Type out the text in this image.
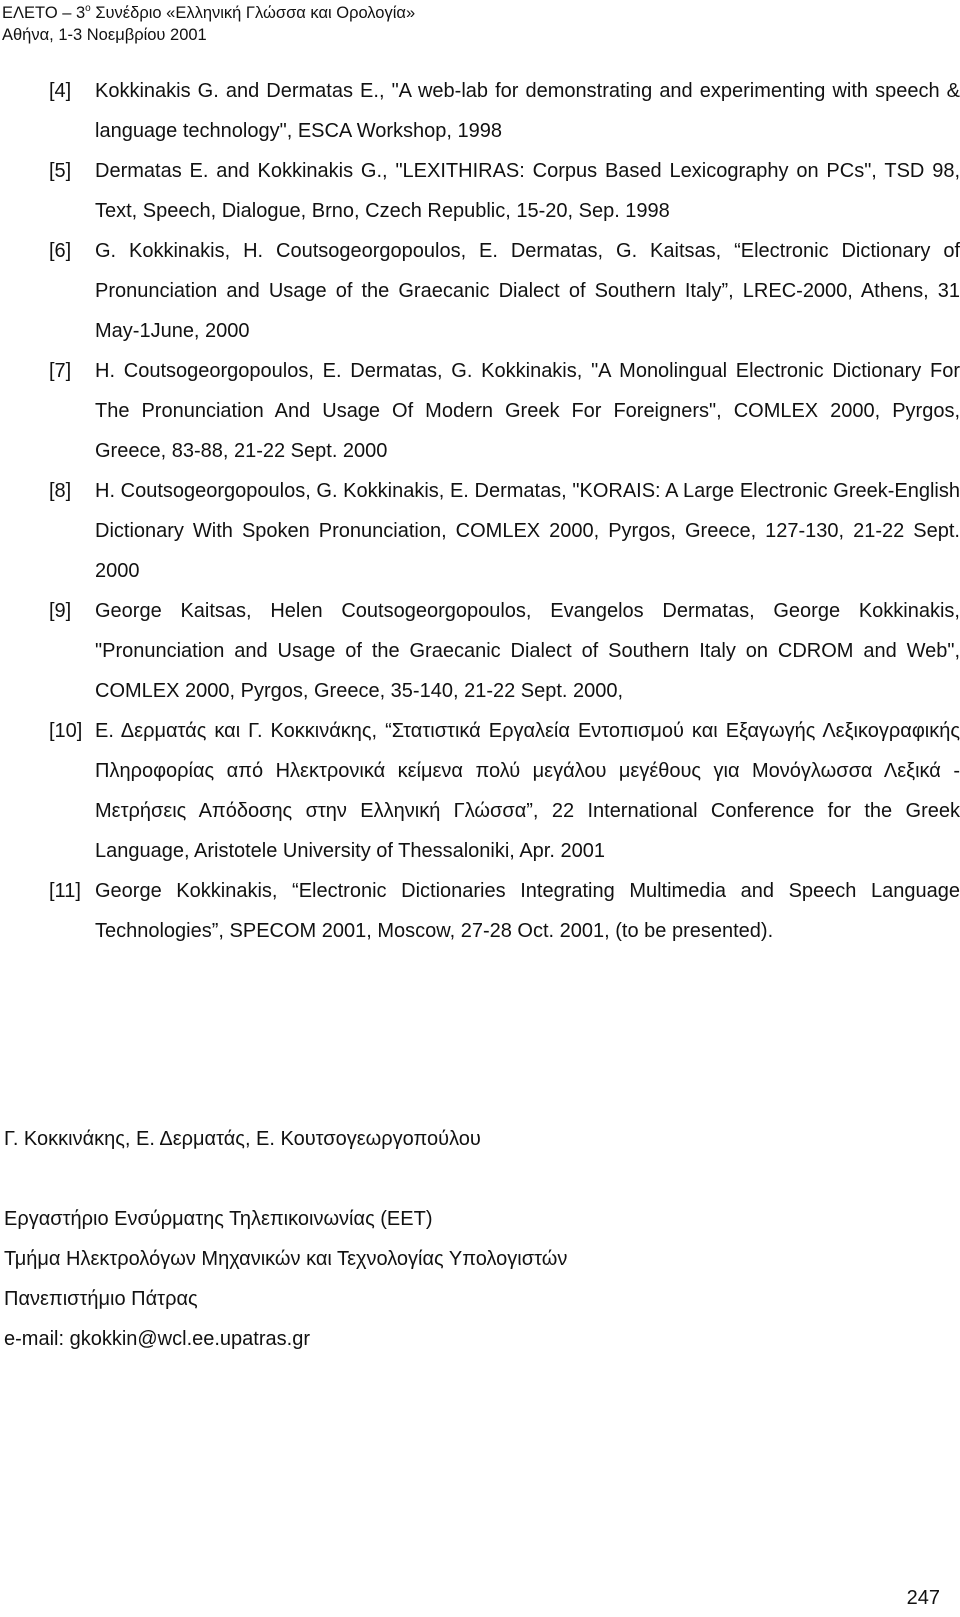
ΕΛΕΤΟ – $3^o$ Συνέδριο «Ελληνική Γλώσσα και Ορολογία»
Αθήνα, 1-3 Νοεμβρίου 2001
[4] Kokkinakis G. and Dermatas E., "A web-lab for demonstrating and experimenting with speech & language technology", ESCA Workshop, 1998
[5] Dermatas E. and Kokkinakis G., "LEXITHIRAS: Corpus Based Lexicography on PCs", TSD 98, Text, Speech, Dialogue, Brno, Czech Republic, 15-20, Sep. 1998
[6] G. Kokkinakis, H. Coutsogeorgopoulos, E. Dermatas, G. Kaitsas, “Electronic Dictionary of Pronunciation and Usage of the Graecanic Dialect of Southern Italy”, LREC-2000, Athens, 31 May-1June, 2000
[7] H. Coutsogeorgopoulos, E. Dermatas, G. Kokkinakis, "A Monolingual Electronic Dictionary For The Pronunciation And Usage Of Modern Greek For Foreigners", COMLEX 2000, Pyrgos, Greece, 83-88, 21-22 Sept. 2000
[8] H. Coutsogeorgopoulos, G. Kokkinakis, E. Dermatas, "KORAIS: A Large Electronic Greek-English Dictionary With Spoken Pronunciation, COMLEX 2000, Pyrgos, Greece, 127-130, 21-22 Sept. 2000
[9] George Kaitsas, Helen Coutsogeorgopoulos, Evangelos Dermatas, George Kokkinakis, "Pronunciation and Usage of the Graecanic Dialect of Southern Italy on CDROM and Web", COMLEX 2000, Pyrgos, Greece, 35-140, 21-22 Sept. 2000,
[10] Ε. Δερματάς και Γ. Κοκκινάκης, “Στατιστικά Εργαλεία Εντοπισμού και Εξαγωγής Λεξικογραφικής Πληροφορίας από Ηλεκτρονικά κείμενα πολύ μεγάλου μεγέθους για Μονόγλωσσα Λεξικά - Μετρήσεις Απόδοσης στην Ελληνική Γλώσσα”, 22 International Conference for the Greek Language, Aristotele University of Thessaloniki, Apr. 2001
[11] George Kokkinakis, “Electronic Dictionaries Integrating Multimedia and Speech Language Technologies”, SPECOM 2001, Moscow, 27-28 Oct. 2001, (to be presented).
Γ. Κοκκινάκης, Ε. Δερματάς, Ε. Κουτσογεωργοπούλου
Εργαστήριο Ενσύρματης Τηλεπικοινωνίας (ΕΕΤ)
Τμήμα Ηλεκτρολόγων Μηχανικών και Τεχνολογίας Υπολογιστών
Πανεπιστήμιο Πάτρας
e-mail: gkokkin@wcl.ee.upatras.gr
247
